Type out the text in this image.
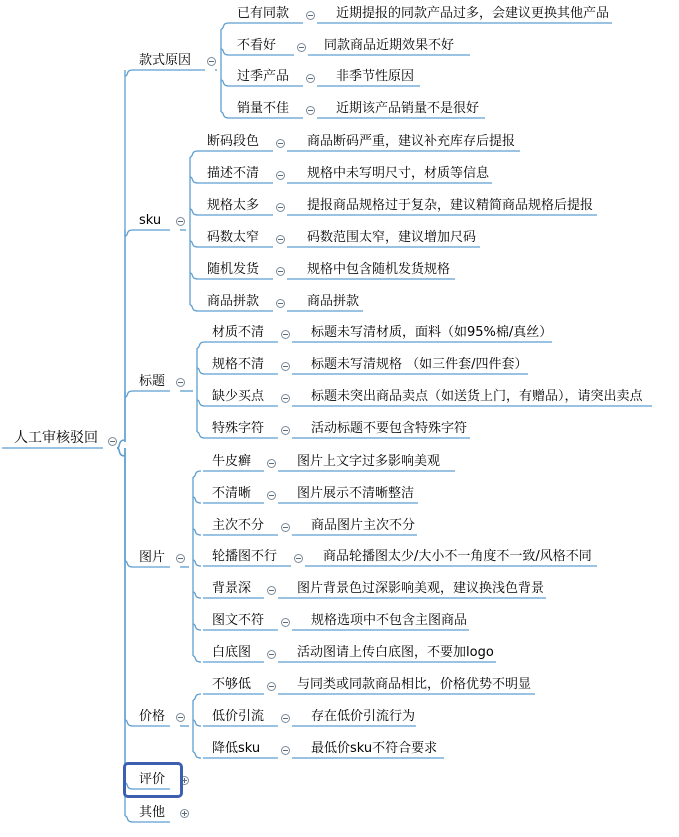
人工审核驳回
款式原因
已有同款	近期提报的同款产品过多，会建议更换其他产品
不看好	同款商品近期效果不好
过季产品	非季节性原因
销量不佳	近期该产品销量不是很好
sku
断码段色	商品断码严重，建议补充库存后提报
描述不清	规格中未写明尺寸，材质等信息
规格太多	提报商品规格过于复杂，建议精简商品规格后提报
码数太窄	码数范围太窄，建议增加尺码
随机发货	规格中包含随机发货规格
商品拼款	商品拼款
标题
材质不清	标题未写清材质，面料（如95%棉/真丝）
规格不清	标题未写清规格 （如三件套/四件套）
缺少买点	标题未突出商品卖点（如送货上门，有赠品），请突出卖点
特殊字符	活动标题不要包含特殊字符
图片
牛皮癣	图片上文字过多影响美观
不清晰	图片展示不清晰整洁
主次不分	商品图片主次不分
轮播图不行	商品轮播图太少/大小不一角度不一致/风格不同
背景深	图片背景色过深影响美观，建议换浅色背景
图文不符	规格选项中不包含主图商品
白底图	活动图请上传白底图，不要加logo
价格
不够低	与同类或同款商品相比，价格优势不明显
低价引流	存在低价引流行为
降低sku	最低价sku不符合要求
评价
其他
